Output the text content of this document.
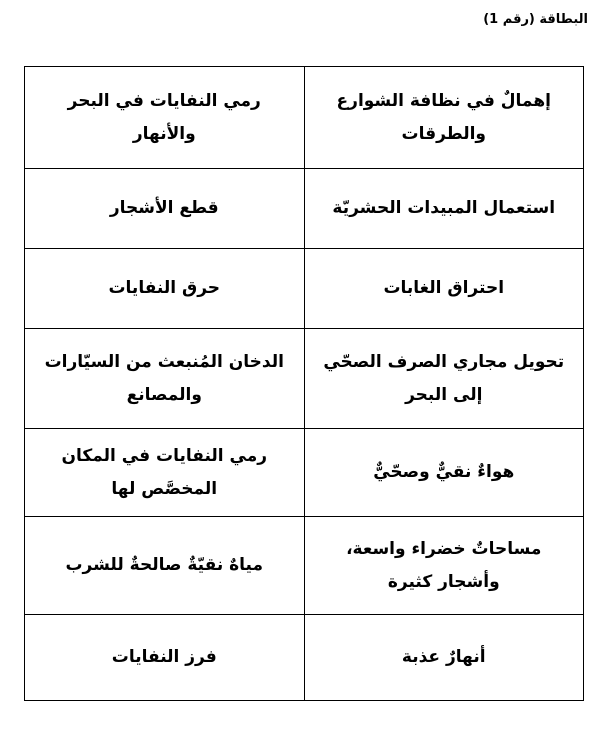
البطاقة (رقم 1)
إهمالٌ في نظافة الشوارع والطرقات	رمي النفايات في البحر والأنهار
استعمال المبيدات الحشريّة	قطع الأشجار
احتراق الغابات	حرق النفايات
تحويل مجاري الصرف الصحّي إلى البحر	الدخان المُنبعث من السيّارات والمصانع
هواءٌ نقيٌّ وصحّيٌّ	رمي النفايات في المكان المخصَّص لها
مساحاتٌ خضراء واسعة، وأشجار كثيرة	مياهٌ نقيّةٌ صالحةٌ للشرب
أنهارٌ عذبة	فرز النفايات
